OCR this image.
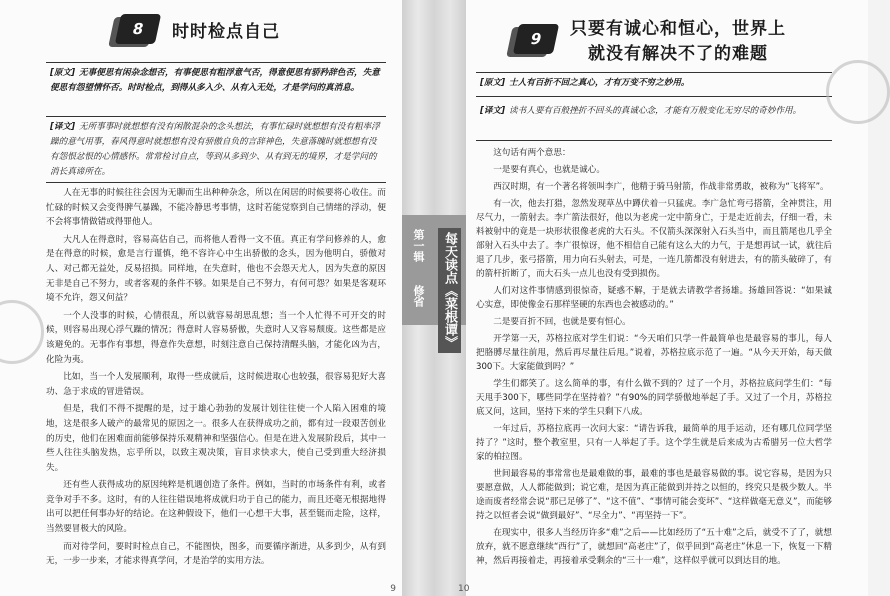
8	时时检点自己
[原文] 无事便思有闲杂念想否，有事便思有粗浮意气否，得意便思有骄矜辞色否，失意便思有怨望情怀否。时时检点，到得从多入少、从有入无处，才是学问的真消息。
[译文] 无所事事时就想想有没有闲散混杂的念头想法，有事忙碌时就想想有没有粗率浮躁的意气用事，春风得意时就想想有没有骄傲自负的言辞神色，失意落魄时就想想有没有怨恨忿恨的心情感怀。常常检讨自点，等到从多到少、从有到无的境界，才是学问的消长真谛所在。

人在无事的时候往往会因为无聊而生出种种杂念，所以在闲居的时候要将心收住。而忙碌的时候又会变得脾气暴躁，不能冷静思考事情，这时若能觉察到自己情绪的浮动，便不会将事情做错或得罪他人。

大凡人在得意时，容易高估自己，而将他人看得一文不值。真正有学问修养的人，愈是在得意的时候，愈是言行谨慎，绝不容许心中生出骄傲的念头，因为他明白，骄傲对人、对己都无益处，反易招损。同样地，在失意时，他也不会怨天尤人，因为失意的原因无非是自己不努力，或者客观的条件不够。如果是自己不努力，有何可怨？如果是客观环境不允许，怨又何益？

一个人没事的时候，心情很乱，所以就容易胡思乱想；当一个人忙得不可开交的时候，则容易出现心浮气躁的情况；得意时人容易骄傲，失意时人又容易颓废。这些都是应该避免的。无事作有事想，得意作失意想，时刻注意自己保持清醒头脑，才能化凶为吉，化险为夷。

比如，当一个人发展顺利，取得一些成就后，这时候进取心也较强，很容易犯好大喜功、急于求成的冒进错误。

但是，我们不得不提醒的是，过于雄心勃勃的发展计划往往使一个人陷入困难的境地，这是很多人破产的最常见的原因之一。很多人在获得成功之前，都有过一段艰苦创业的历史，他们在困难面前能够保持乐观精神和坚强信心。但是在进入发展阶段后，其中一些人往往头脑发热，忘乎所以，以致主观决策，盲目求快求大，使自己受到重大经济损失。

还有些人获得成功的原因纯粹是机遇创造了条件。例如，当时的市场条件有利，或者竞争对手不多。这时，有的人往往错误地将成就归功于自己的能力，而且还毫无根据地得出可以把任何事办好的结论。在这种假设下，他们一心想干大事，甚至铤而走险，这样，当然要冒极大的风险。

而对待学问，要时时检点自己，不能图快，图多，而要循序渐进，从多到少，从有到无，一步一步来，才能求得真学问，才是治学的实用方法。

9
第一辑
修省	每天读点《菜根谭》
9	只要有诚心和恒心，世界上
就没有解决不了的难题
[原文] 士人有百折不回之真心，才有万变不穷之妙用。
[译文] 读书人要有百般挫折不回头的真诚心念，才能有万般变化无穷尽的奇妙作用。

这句话有两个意思：

一是要有真心，也就是诚心。

西汉时期，有一个著名将领叫李广，他精于骑马射箭，作战非常勇敢，被称为“飞将军”。

有一次，他去打猎，忽然发现草丛中蹲伏着一只猛虎。李广急忙弯弓搭箭，全神贯注，用尽气力，一箭射去。李广箭法很好，他以为老虎一定中箭身亡，于是走近前去，仔细一看，未料被射中的竟是一块形状很像老虎的大石头。不仅箭头深深射入石头当中，而且箭尾也几乎全部射入石头中去了。李广很惊讶，他不相信自己能有这么大的力气，于是想再试一试，就往后退了几步，张弓搭箭，用力向石头射去，可是，一连几箭都没有射进去，有的箭头破碎了，有的箭杆折断了，而大石头一点儿也没有受到损伤。

人们对这件事情感到很惊奇，疑惑不解，于是就去请教学者扬雄。扬雄回答说：“如果诚心实意，即使像金石那样坚硬的东西也会被感动的。”

二是要百折不回，也就是要有恒心。

开学第一天，苏格拉底对学生们说：“今天咱们只学一件最简单也是最容易的事儿，每人把胳膊尽量往前甩，然后再尽量往后甩。”说着，苏格拉底示范了一遍。“从今天开始，每天做300下。大家能做到吗？”

学生们都笑了。这么简单的事，有什么做不到的？过了一个月，苏格拉底问学生们：“每天甩手300下，哪些同学在坚持着？”有90%的同学骄傲地举起了手。又过了一个月，苏格拉底又问，这回，坚持下来的学生只剩下八成。

一年过后，苏格拉底再一次问大家：“请告诉我，最简单的甩手运动，还有哪几位同学坚持了？”这时，整个教室里，只有一人举起了手。这个学生就是后来成为古希腊另一位大哲学家的柏拉图。

世间最容易的事常常也是最难做的事，最难的事也是最容易做的事。说它容易，是因为只要愿意做，人人都能做到；说它难，是因为真正能做到并持之以恒的，终究只是极少数人。半途而废者经常会说“那已足够了”、“这不值”、“事情可能会变坏”、“这样做毫无意义”，而能够持之以恒者会说“做到最好”、“尽全力”、“再坚持一下”。

在现实中，很多人当经历许多“难”之后——比如经历了“五十难”之后，就受不了了，就想放弃，就不愿意继续“西行”了，就想回“高老庄”了，似乎回到“高老庄”休息一下，恢复一下精神，然后再接着走，再接着承受剩余的“三十一难”，这样似乎就可以到达目的地。

10
